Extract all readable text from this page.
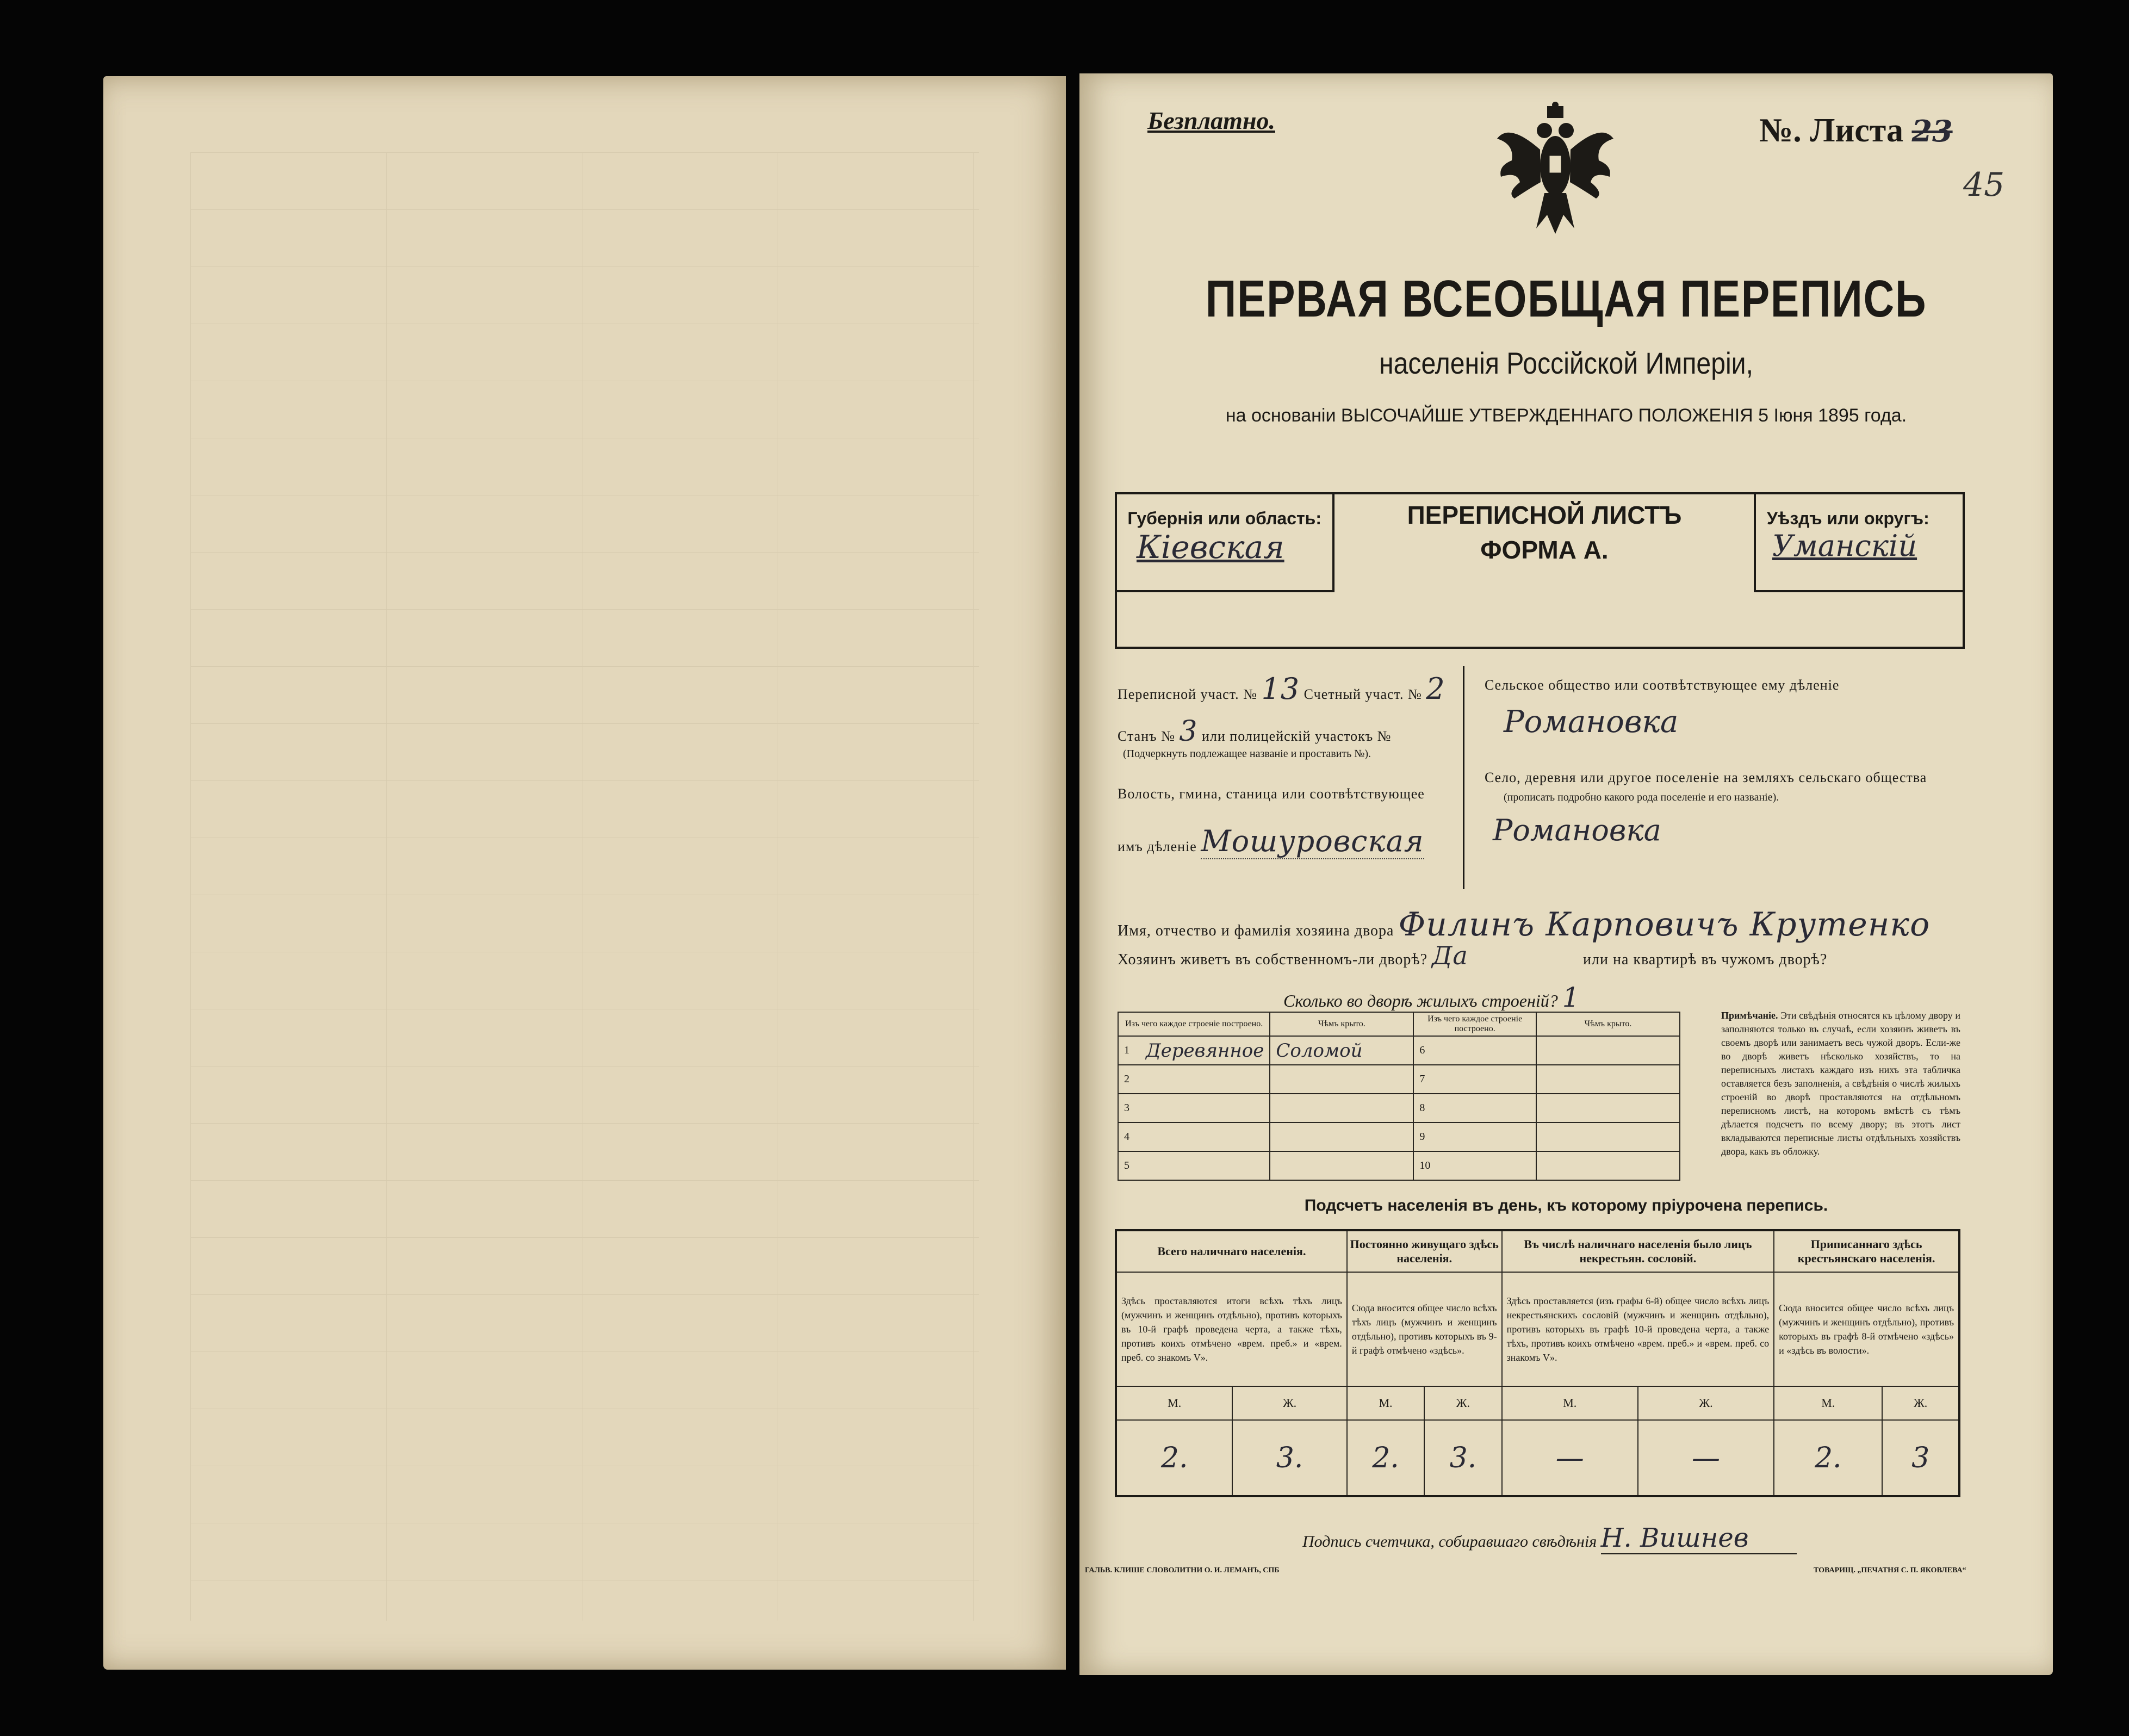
Безплатно.	№. Листа 23
45
ПЕРВАЯ ВСЕОБЩАЯ ПЕРЕПИСЬ
населенія Россійской Имперіи,
на основаніи ВЫСОЧАЙШЕ УТВЕРЖДЕННАГО ПОЛОЖЕНІЯ 5 Іюня 1895 года.
Губернія или область:
Кіевская
ПЕРЕПИСНОЙ ЛИСТЪ
ФОРМА А.
Уѣздъ или округъ:
Уманскій
Переписной участ. № 13 Счетный участ. № 2
Станъ № 3 или полицейскій участокъ №
(Подчеркнуть подлежащее названіе и проставить №).
Волость, гмина, станица или соотвѣтствующее
имъ дѣленіе Мошуровская
Сельское общество или соотвѣтствующее ему дѣленіе
Романовка
Село, деревня или другое поселеніе на земляхъ сельскаго общества
(прописать подробно какого рода поселеніе и его названіе).
Романовка
Имя, отчество и фамилія хозяина двора Филинъ Карповичъ Крутенко
Хозяинъ живетъ въ собственномъ-ли дворѣ? Да	или на квартирѣ въ чужомъ дворѣ?
Сколько во дворѣ жилыхъ строеній? 1
Изъ чего каждое строеніе построено.		Чѣмъ крыто.	Изъ чего каждое строеніе построено.		Чѣмъ крыто.
1	Деревянное	Соломой	6		
2			7		
3			8		
4			9		
5			10		
Примѣчаніе. Эти свѣдѣнія относятся къ цѣлому двору и заполняются только въ случаѣ, если хозяинъ живетъ въ своемъ дворѣ или занимаетъ весь чужой дворъ. Если-же во дворѣ живетъ нѣсколько хозяйствъ, то на переписныхъ листахъ каждаго изъ нихъ эта табличка оставляется безъ заполненія, а свѣдѣнія о числѣ жилыхъ строеній во дворѣ проставляются на отдѣльномъ переписномъ листѣ, на которомъ вмѣстѣ съ тѣмъ дѣлается подсчетъ по всему двору; въ этотъ лист вкладываются переписные листы отдѣльныхъ хозяйствъ двора, какъ въ обложку.
Подсчетъ населенія въ день, къ которому пріурочена перепись.
Всего наличнаго населенія.		Постоянно живущаго здѣсь населенія.		Въ числѣ наличнаго населенія было лицъ некрестьян. сословій.		Приписаннаго здѣсь крестьянскаго населенія.	
Здѣсь проставляются итоги всѣхъ тѣхъ лицъ (мужчинъ и женщинъ отдѣльно), противъ которыхъ въ 10-й графѣ проведена черта, а также тѣхъ, противъ коихъ отмѣчено «врем. преб.» и «врем. преб. со знакомъ V».		Сюда вносится общее число всѣхъ тѣхъ лицъ (мужчинъ и женщинъ отдѣльно), противъ которыхъ въ 9-й графѣ отмѣчено «здѣсь».		Здѣсь проставляется (изъ графы 6-й) общее число всѣхъ лицъ некрестьянскихъ сословій (мужчинъ и женщинъ отдѣльно), противъ которыхъ въ графѣ 10-й проведена черта, а также тѣхъ, противъ коихъ отмѣчено «врем. преб.» и «врем. преб. со знакомъ V».		Сюда вносится общее число всѣхъ лицъ (мужчинъ и женщинъ отдѣльно), противъ которыхъ въ графѣ 8-й отмѣчено «здѣсь» и «здѣсь въ волости».	
М.	Ж.	М.	Ж.	М.	Ж.	М.	Ж.
2.	3.	2.	3.	—	—	2.	3
Подпись счетчика, собиравшаго свѣдѣнія Н. Вишнев
ГАЛЬВ. КЛИШЕ СЛОВОЛИТНИ О. И. ЛЕМАНЪ, СПБ	ТОВАРИЩ. „ПЕЧАТНЯ С. П. ЯКОВЛЕВА“
